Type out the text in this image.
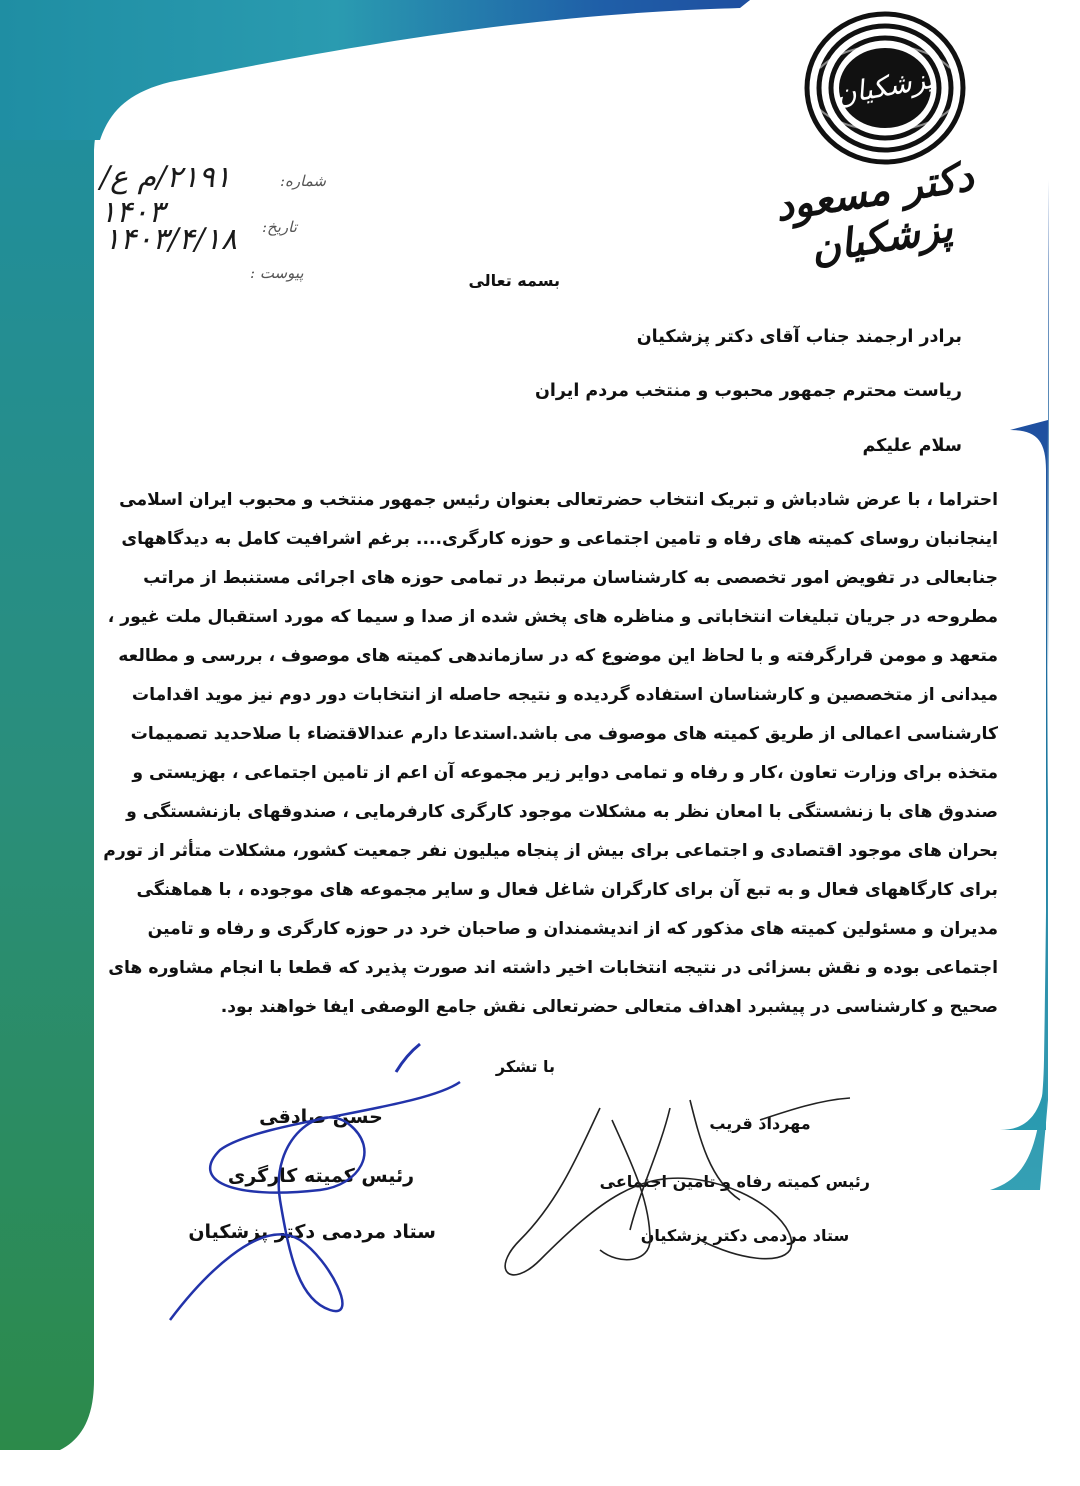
پزشکیان
دکتر مسعود پزشکیان
شماره:
۲۱۹۱/م ع/۱۴۰۳	تاریخ:
۱۴۰۳/۴/۱۸
پیوست :	بسمه تعالی
برادر ارجمند جناب آقای دکتر پزشکیان
ریاست محترم جمهور محبوب و منتخب مردم ایران
سلام علیکم
احتراما ، با عرض شادباش و تبریک انتخاب حضرتعالی بعنوان رئیس جمهور منتخب و محبوب ایران اسلامی
اینجانبان روسای کمیته های رفاه و تامین اجتماعی و حوزه کارگری.... برغم اشرافیت کامل به دیدگاههای
جنابعالی در تفویض امور تخصصی به کارشناسان مرتبط در تمامی حوزه های اجرائی مستنبط از مراتب
مطروحه در جریان تبلیغات انتخاباتی و مناظره های پخش شده از صدا و سیما که مورد استقبال ملت غیور ،
متعهد و مومن قرارگرفته و با لحاظ این موضوع که در سازماندهی کمیته های موصوف ، بررسی و مطالعه
میدانی از متخصصین و کارشناسان استفاده گردیده و نتیجه حاصله از انتخابات دور دوم نیز موید اقدامات
کارشناسی اعمالی از طریق کمیته های موصوف می باشد.استدعا دارم عندالاقتضاء با صلاحدید تصمیمات
متخذه برای وزارت تعاون ،کار و رفاه و تمامی دوایر زیر مجموعه آن اعم از تامین اجتماعی ، بهزیستی و
صندوق های با زنشستگی با امعان نظر به مشکلات موجود کارگری کارفرمایی ، صندوقهای بازنشستگی و
بحران های موجود اقتصادی و اجتماعی برای بیش از پنجاه میلیون نفر جمعیت کشور، مشکلات متأثر از تورم
برای کارگاههای فعال و به تبع آن برای کارگران شاغل فعال و سایر مجموعه های موجوده ، با هماهنگی
مدیران و مسئولین کمیته های مذکور که از اندیشمندان و صاحبان خرد در حوزه کارگری و رفاه و تامین
اجتماعی بوده و نقش بسزائی در نتیجه انتخابات اخیر داشته اند صورت پذیرد که قطعا با انجام مشاوره های
صحیح و کارشناسی در پیشبرد اهداف متعالی حضرتعالی نقش جامع الوصفی ایفا خواهند بود.
با تشکر
مهرداد قریب
رئیس کمیته رفاه و تامین اجتماعی
ستاد مردمی دکتر پزشکیان
حسن صادقی
رئیس کمیته کارگری
ستاد مردمی دکتر پزشکیان
